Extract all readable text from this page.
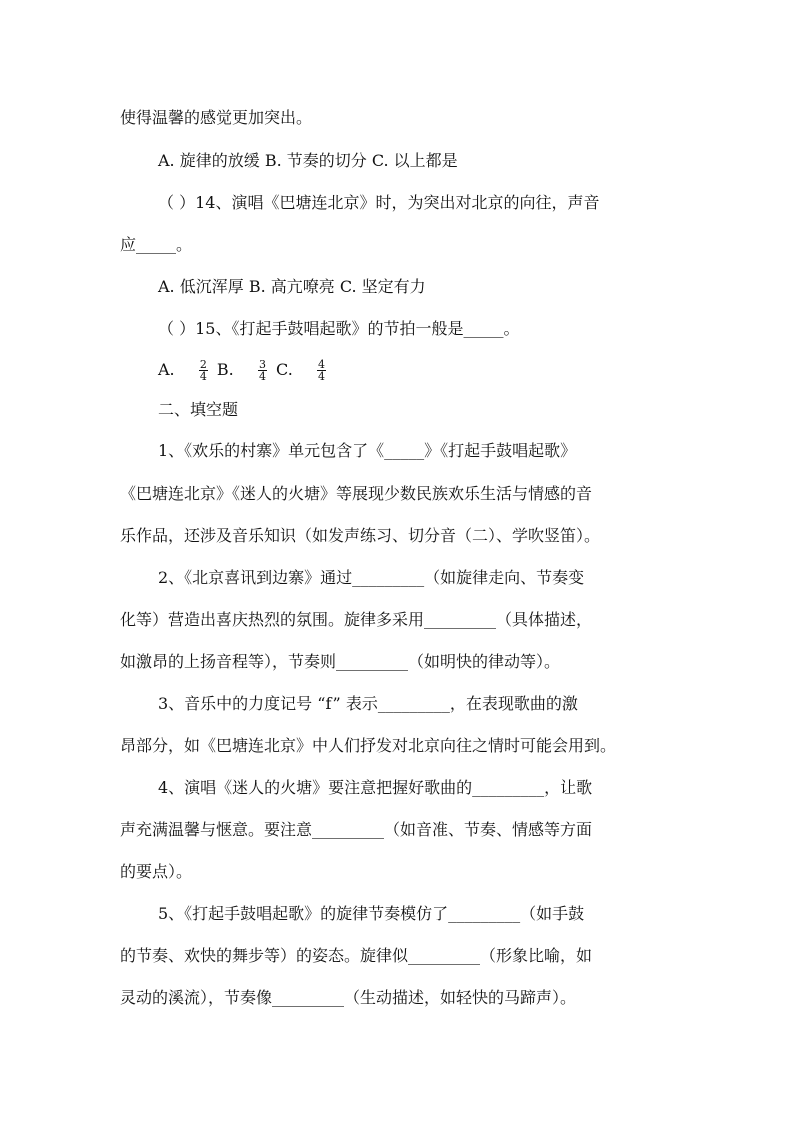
使得温馨的感觉更加突出。
A. 旋律的放缓 B. 节奏的切分 C. 以上都是
（ ）14、演唱《巴塘连北京》时，为突出对北京的向往，声音
应_____。
A. 低沉浑厚 B. 高亢嘹亮 C. 坚定有力
（ ）15、《打起手鼓唱起歌》的节拍一般是_____。
A. $\frac{2}{4} B$. $\frac{3}{4} C$. $\frac{4}{4}$
二、填空题
1、《欢乐的村寨》单元包含了《_____》《打起手鼓唱起歌》
《巴塘连北京》《迷人的火塘》等展现少数民族欢乐生活与情感的音
乐作品，还涉及音乐知识（如发声练习、切分音（二）、学吹竖笛）。
2、《北京喜讯到边寨》通过_________（如旋律走向、节奏变
化等）营造出喜庆热烈的氛围。旋律多采用_________（具体描述，
如激昂的上扬音程等），节奏则_________（如明快的律动等）。
3、音乐中的力度记号 “f” 表示_________，在表现歌曲的激
昂部分，如《巴塘连北京》中人们抒发对北京向往之情时可能会用到。
4、演唱《迷人的火塘》要注意把握好歌曲的_________，让歌
声充满温馨与惬意。要注意_________（如音准、节奏、情感等方面
的要点）。
5、《打起手鼓唱起歌》的旋律节奏模仿了_________（如手鼓
的节奏、欢快的舞步等）的姿态。旋律似_________（形象比喻，如
灵动的溪流），节奏像_________（生动描述，如轻快的马蹄声）。
